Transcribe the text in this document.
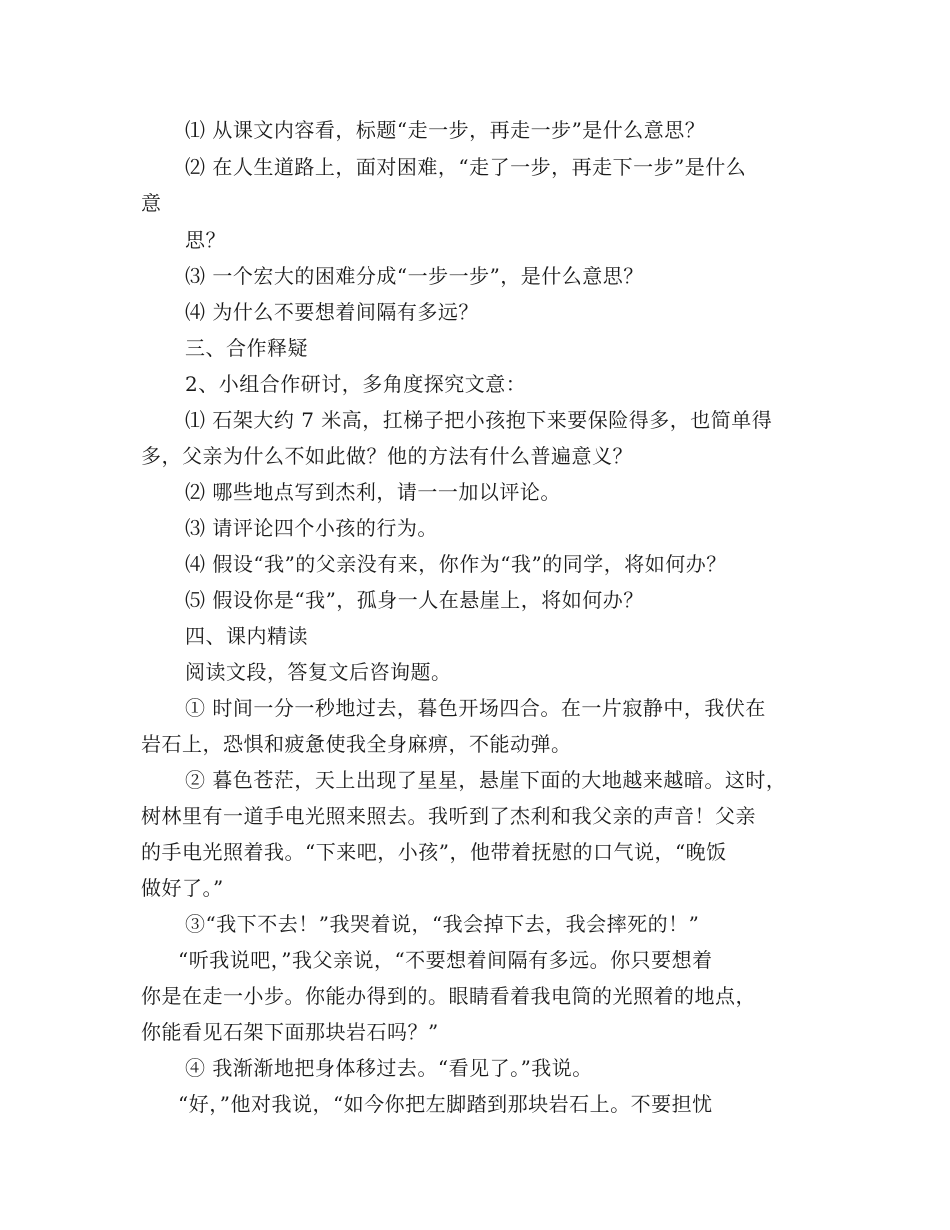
⑴ 从课文内容看，标题“走一步，再走一步”是什么意思？
⑵ 在人生道路上，面对困难，“走了一步，再走下一步”是什么
意
思？
⑶ 一个宏大的困难分成“一步一步”，是什么意思？
⑷ 为什么不要想着间隔有多远？
三、合作释疑
2、小组合作研讨，多角度探究文意：
⑴ 石架大约 7 米高，扛梯子把小孩抱下来要保险得多，也简单得
多，父亲为什么不如此做？他的方法有什么普遍意义？
⑵ 哪些地点写到杰利，请一一加以评论。
⑶ 请评论四个小孩的行为。
⑷ 假设“我”的父亲没有来，你作为“我”的同学，将如何办？
⑸ 假设你是“我”，孤身一人在悬崖上，将如何办？
四、课内精读
阅读文段，答复文后咨询题。
① 时间一分一秒地过去，暮色开场四合。在一片寂静中，我伏在
岩石上，恐惧和疲惫使我全身麻痹，不能动弹。
② 暮色苍茫，天上出现了星星，悬崖下面的大地越来越暗。这时，
树林里有一道手电光照来照去。我听到了杰利和我父亲的声音！父亲
的手电光照着我。“下来吧，小孩”，他带着抚慰的口气说，“晚饭
做好了。”
③“我下不去！”我哭着说，“我会掉下去，我会摔死的！”
“听我说吧，”我父亲说，“不要想着间隔有多远。你只要想着
你是在走一小步。你能办得到的。眼睛看着我电筒的光照着的地点，
你能看见石架下面那块岩石吗？”
④ 我渐渐地把身体移过去。“看见了。”我说。
“好，”他对我说，“如今你把左脚踏到那块岩石上。不要担忧
